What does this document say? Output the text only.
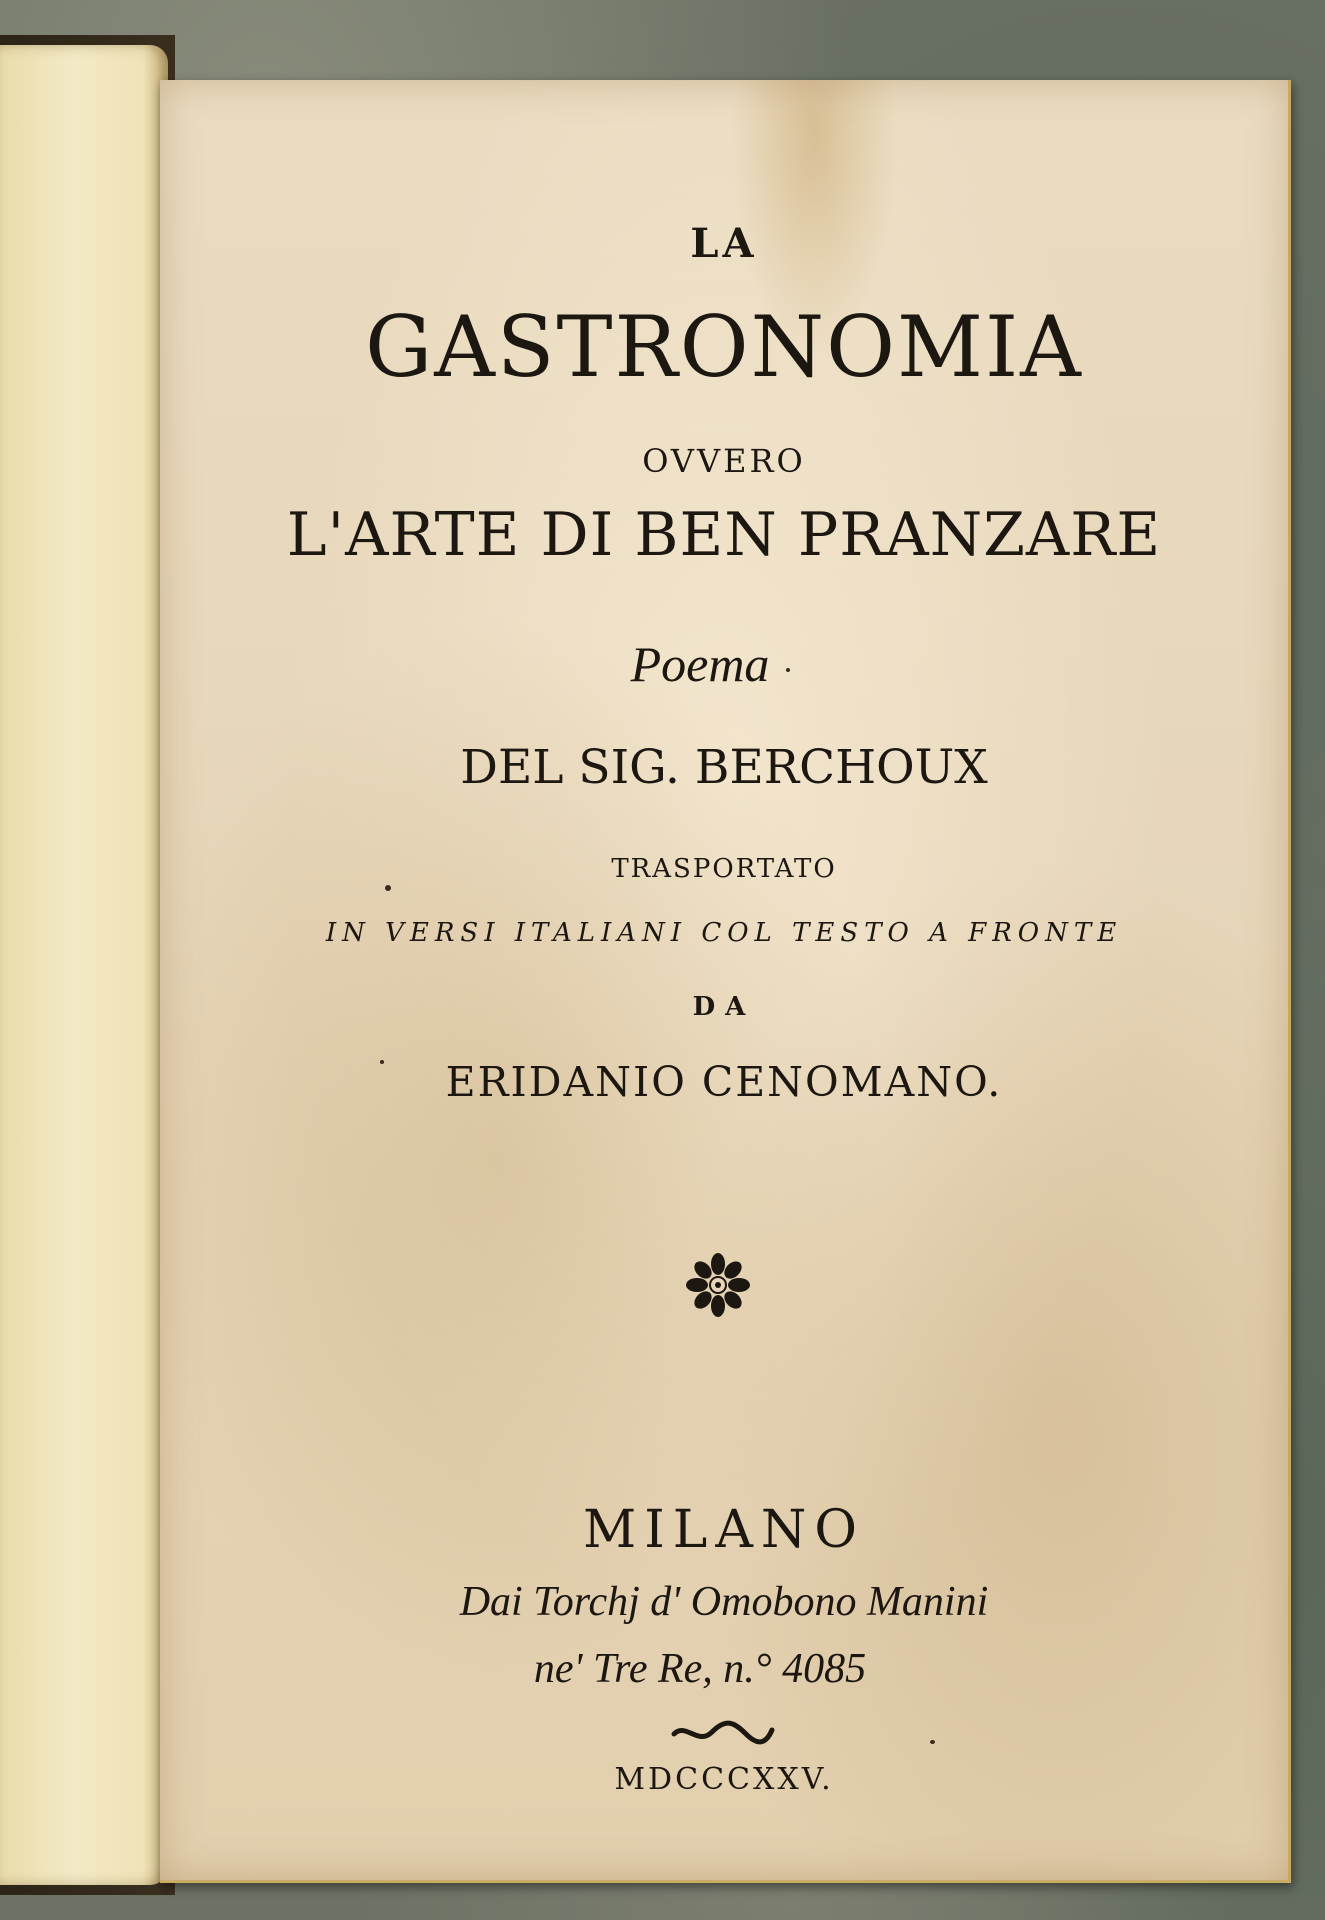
LA
GASTRONOMIA
OVVERO
L'ARTE DI BEN PRANZARE
Poema
DEL SIG. BERCHOUX
TRASPORTATO
IN VERSI ITALIANI COL TESTO A FRONTE
DA
ERIDANIO CENOMANO.
MILANO
Dai Torchj d' Omobono Manini
ne' Tre Re, n.° 4085
MDCCCXXV.
